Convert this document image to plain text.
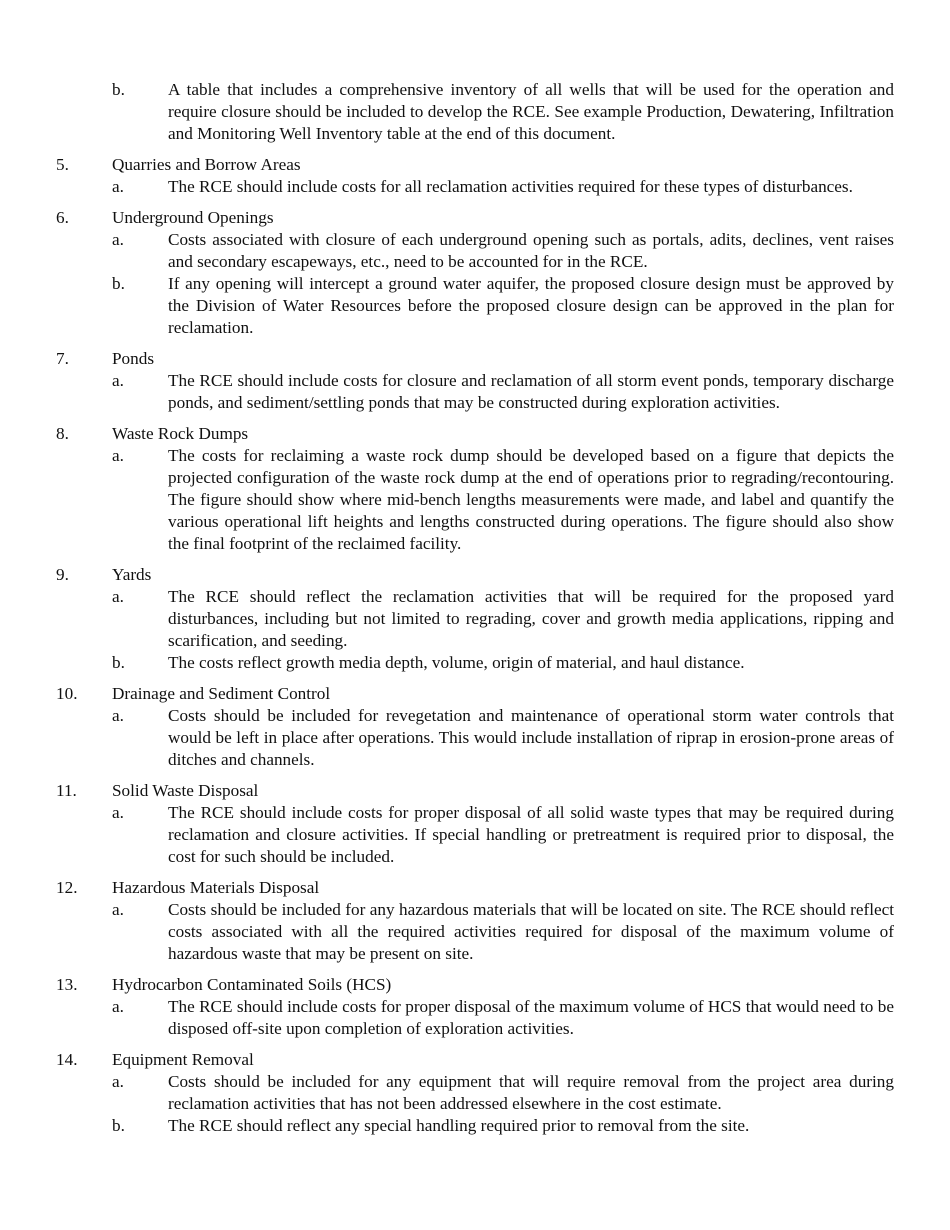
b.	A table that includes a comprehensive inventory of all wells that will be used for the operation and require closure should be included to develop the RCE. See example Production, Dewatering, Infiltration and Monitoring Well Inventory table at the end of this document.
5.	Quarries and Borrow Areas
a.	The RCE should include costs for all reclamation activities required for these types of disturbances.
6.	Underground Openings
a.	Costs associated with closure of each underground opening such as portals, adits, declines, vent raises and secondary escapeways, etc., need to be accounted for in the RCE.
b.	If any opening will intercept a ground water aquifer, the proposed closure design must be approved by the Division of Water Resources before the proposed closure design can be approved in the plan for reclamation.
7.	Ponds
a.	The RCE should include costs for closure and reclamation of all storm event ponds, temporary discharge ponds, and sediment/settling ponds that may be constructed during exploration activities.
8.	Waste Rock Dumps
a.	The costs for reclaiming a waste rock dump should be developed based on a figure that depicts the projected configuration of the waste rock dump at the end of operations prior to regrading/recontouring. The figure should show where mid-bench lengths measurements were made, and label and quantify the various operational lift heights and lengths constructed during operations. The figure should also show the final footprint of the reclaimed facility.
9.	Yards
a.	The RCE should reflect the reclamation activities that will be required for the proposed yard disturbances, including but not limited to regrading, cover and growth media applications, ripping and scarification, and seeding.
b.	The costs reflect growth media depth, volume, origin of material, and haul distance.
10. Drainage and Sediment Control
a.	Costs should be included for revegetation and maintenance of operational storm water controls that would be left in place after operations. This would include installation of riprap in erosion-prone areas of ditches and channels.
11. Solid Waste Disposal
a.	The RCE should include costs for proper disposal of all solid waste types that may be required during reclamation and closure activities. If special handling or pretreatment is required prior to disposal, the cost for such should be included.
12. Hazardous Materials Disposal
a.	Costs should be included for any hazardous materials that will be located on site. The RCE should reflect costs associated with all the required activities required for disposal of the maximum volume of hazardous waste that may be present on site.
13. Hydrocarbon Contaminated Soils (HCS)
a.	The RCE should include costs for proper disposal of the maximum volume of HCS that would need to be disposed off-site upon completion of exploration activities.
14. Equipment Removal
a.	Costs should be included for any equipment that will require removal from the project area during reclamation activities that has not been addressed elsewhere in the cost estimate.
b.	The RCE should reflect any special handling required prior to removal from the site.
